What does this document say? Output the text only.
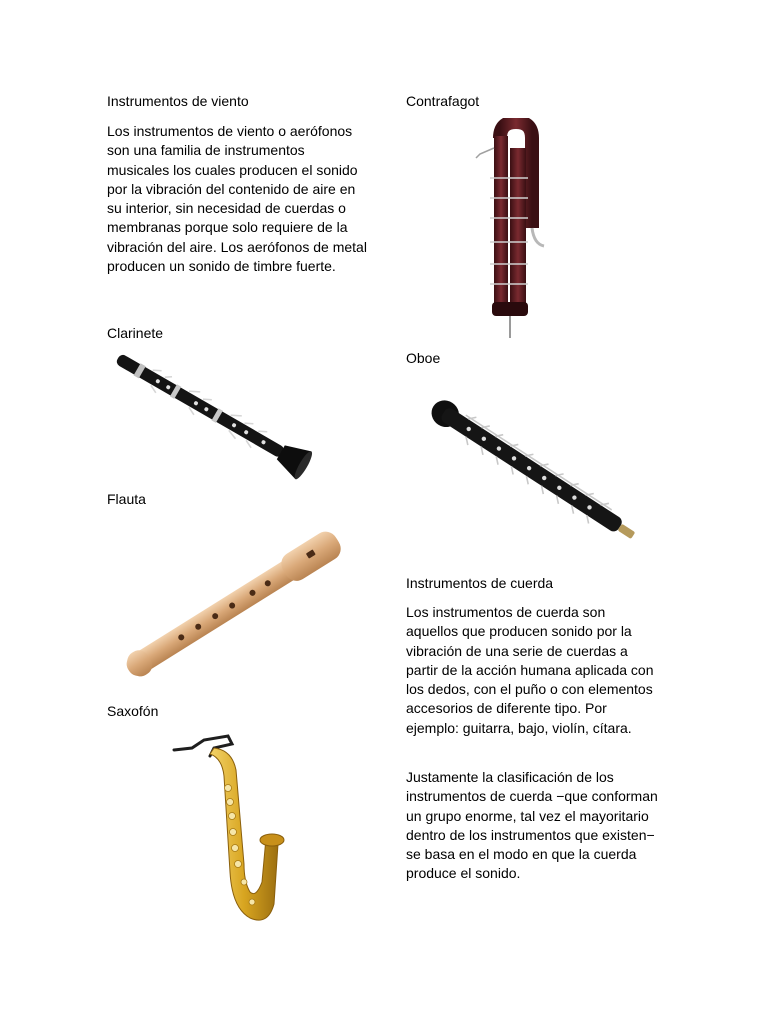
Instrumentos de viento

Los instrumentos de viento o aerófonos son una familia de instrumentos musicales los cuales producen el sonido por la vibración del contenido de aire en su interior, sin necesidad de cuerdas o membranas porque solo requiere de la vibración del aire. Los aerófonos de metal producen un sonido de timbre fuerte.

Clarinete
Flauta
Saxofón
Contrafagot
Oboe
Instrumentos de cuerda

Los instrumentos de cuerda son aquellos que producen sonido por la vibración de una serie de cuerdas a partir de la acción humana aplicada con los dedos, con el puño o con elementos accesorios de diferente tipo. Por ejemplo: guitarra, bajo, violín, cítara.

Justamente la clasificación de los instrumentos de cuerda −que conforman un grupo enorme, tal vez el mayoritario dentro de los instrumentos que existen− se basa en el modo en que la cuerda produce el sonido.
